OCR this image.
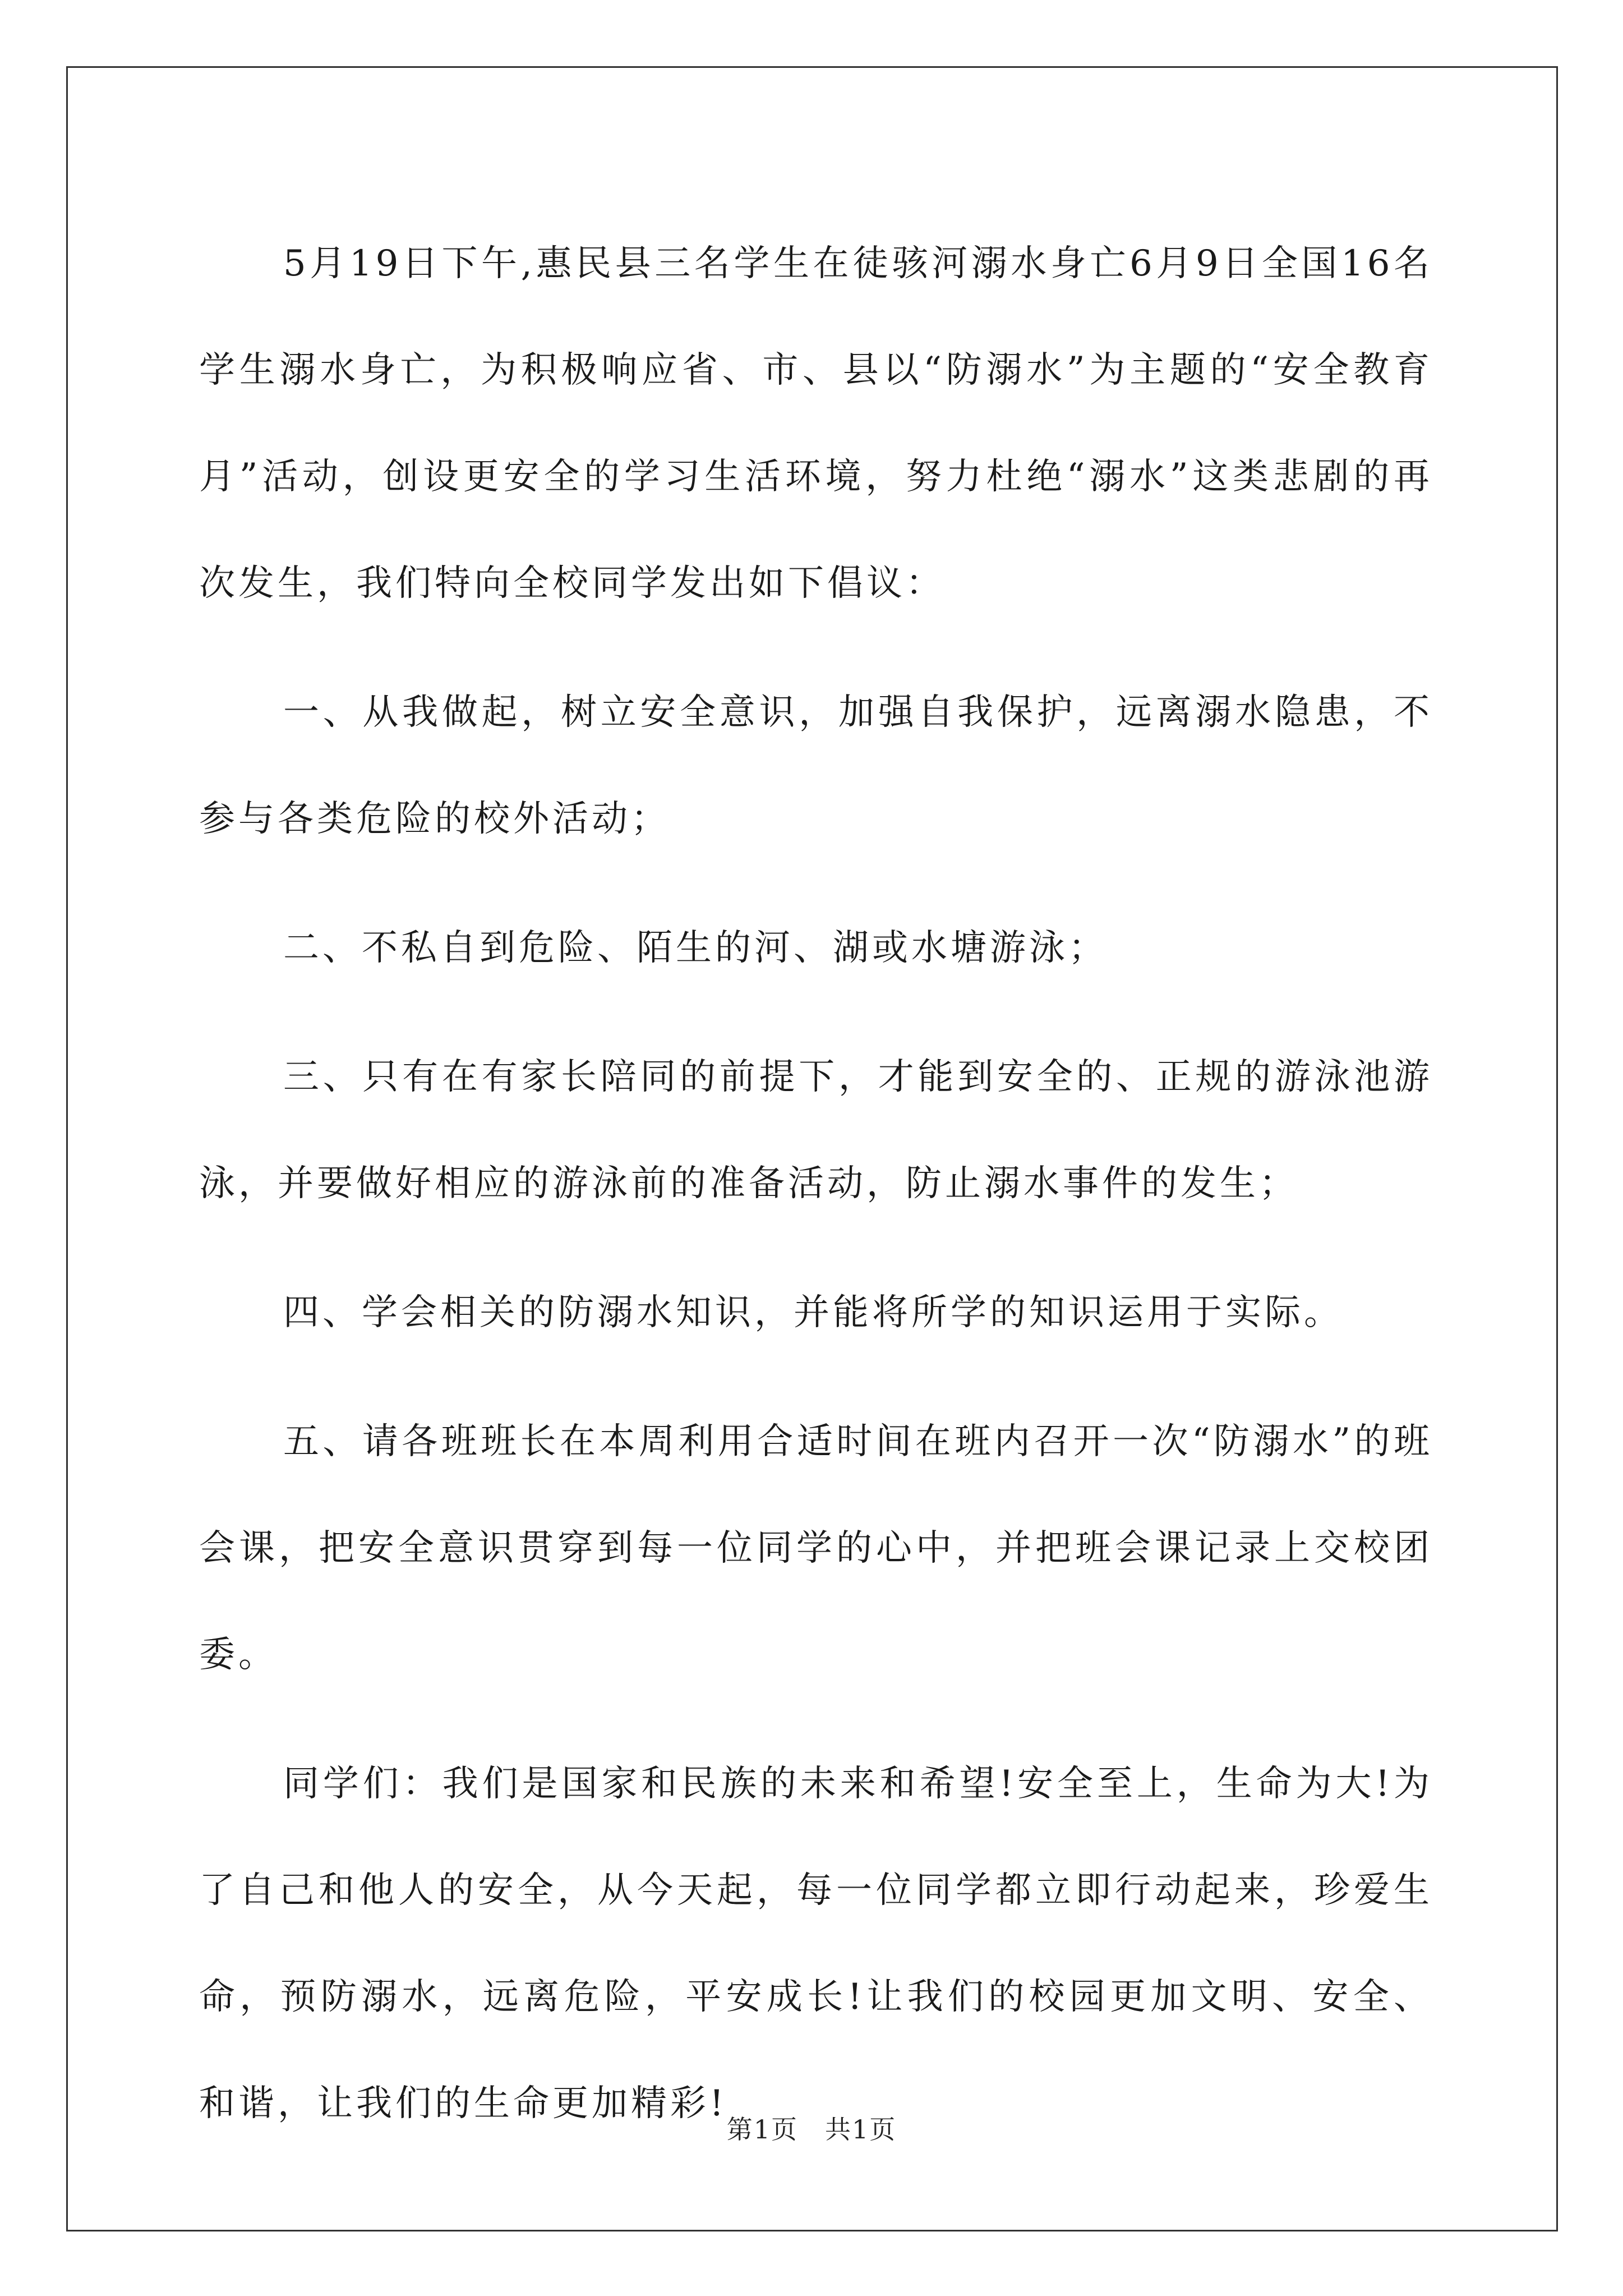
5月19日下午,惠民县三名学生在徒骇河溺水身亡6月9日全国16名学生溺水身亡，为积极响应省、市、县以“防溺水”为主题的“安全教育月”活动，创设更安全的学习生活环境，努力杜绝“溺水”这类悲剧的再次发生，我们特向全校同学发出如下倡议：

一、从我做起，树立安全意识，加强自我保护，远离溺水隐患，不参与各类危险的校外活动；

二、不私自到危险、陌生的河、湖或水塘游泳；

三、只有在有家长陪同的前提下，才能到安全的、正规的游泳池游泳，并要做好相应的游泳前的准备活动，防止溺水事件的发生；

四、学会相关的防溺水知识，并能将所学的知识运用于实际。

五、请各班班长在本周利用合适时间在班内召开一次“防溺水”的班会课，把安全意识贯穿到每一位同学的心中，并把班会课记录上交校团委。

同学们：我们是国家和民族的未来和希望!安全至上，生命为大!为了自己和他人的安全，从今天起，每一位同学都立即行动起来，珍爱生命，预防溺水，远离危险，平安成长!让我们的校园更加文明、安全、和谐，让我们的生命更加精彩!

第1页　共1页
